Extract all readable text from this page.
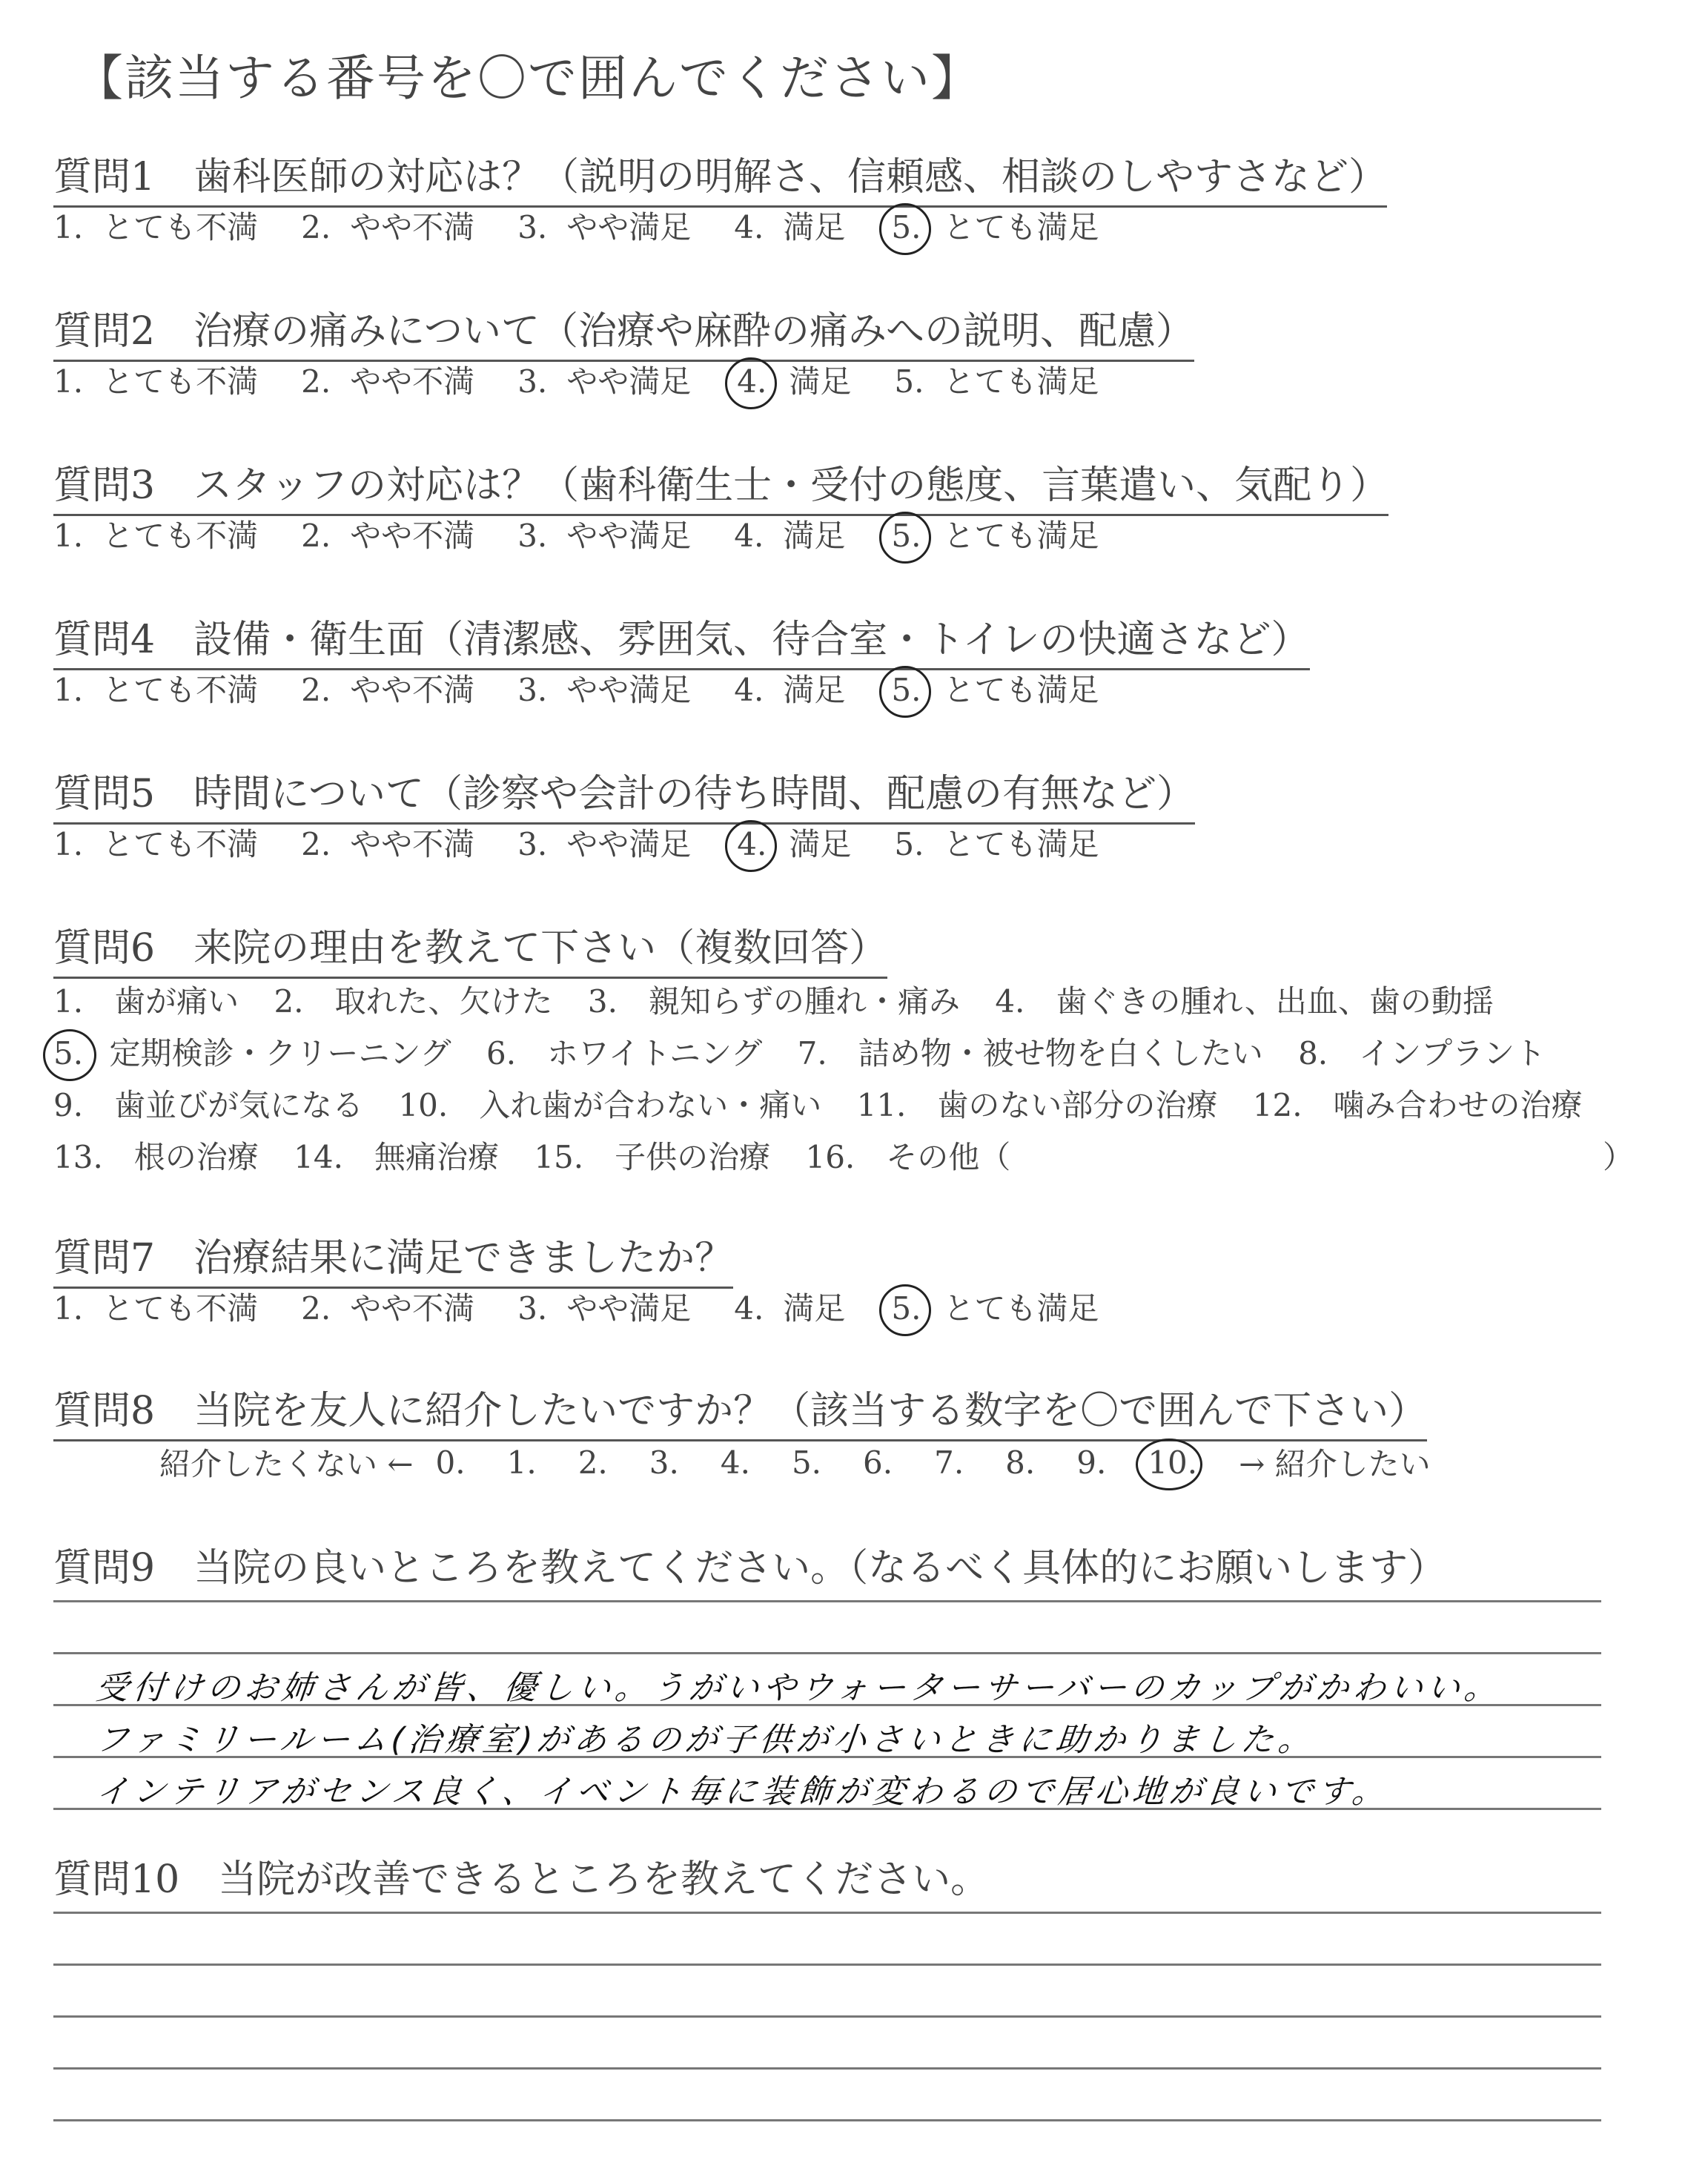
【該当する番号を〇で囲んでください】
質問1　歯科医師の対応は？（説明の明解さ、信頼感、相談のしやすさなど）
1. とても不満 2. やや不満 3. やや満足 4. 満足 5. とても満足
質問2　治療の痛みについて（治療や麻酔の痛みへの説明、配慮）
1. とても不満 2. やや不満 3. やや満足 4. 満足 5. とても満足
質問3　スタッフの対応は？（歯科衛生士・受付の態度、言葉遣い、気配り）
1. とても不満 2. やや不満 3. やや満足 4. 満足 5. とても満足
質問4　設備・衛生面（清潔感、雰囲気、待合室・トイレの快適さなど）
1. とても不満 2. やや不満 3. やや満足 4. 満足 5. とても満足
質問5　時間について（診察や会計の待ち時間、配慮の有無など）
1. とても不満 2. やや不満 3. やや満足 4. 満足 5. とても満足
質問6　来院の理由を教えて下さい（複数回答）
1.　歯が痛い 2.　取れた、欠けた 3.　親知らずの腫れ・痛み 4.　歯ぐきの腫れ、出血、歯の動揺
5. 定期検診・クリーニング 6.　ホワイトニング 7.　詰め物・被せ物を白くしたい 8.　インプラント
9.　歯並びが気になる 10.　入れ歯が合わない・痛い 11.　歯のない部分の治療 12.　噛み合わせの治療
13.　根の治療 14.　無痛治療 15.　子供の治療 16.　その他（	）
質問7　治療結果に満足できましたか？
1. とても不満 2. やや不満 3. やや満足 4. 満足 5. とても満足
質問8　当院を友人に紹介したいですか？（該当する数字を〇で囲んで下さい）
紹介したくない ← 0. 1. 2. 3. 4. 5. 6. 7. 8. 9. 10. → 紹介したい
質問9　当院の良いところを教えてください。（なるべく具体的にお願いします）
受付けのお姉さんが皆、優しい。うがいやウォーターサーバーのカップがかわいい。
ファミリールーム(治療室)があるのが子供が小さいときに助かりました。
インテリアがセンス良く、イベント毎に装飾が変わるので居心地が良いです。
質問10　当院が改善できるところを教えてください。
